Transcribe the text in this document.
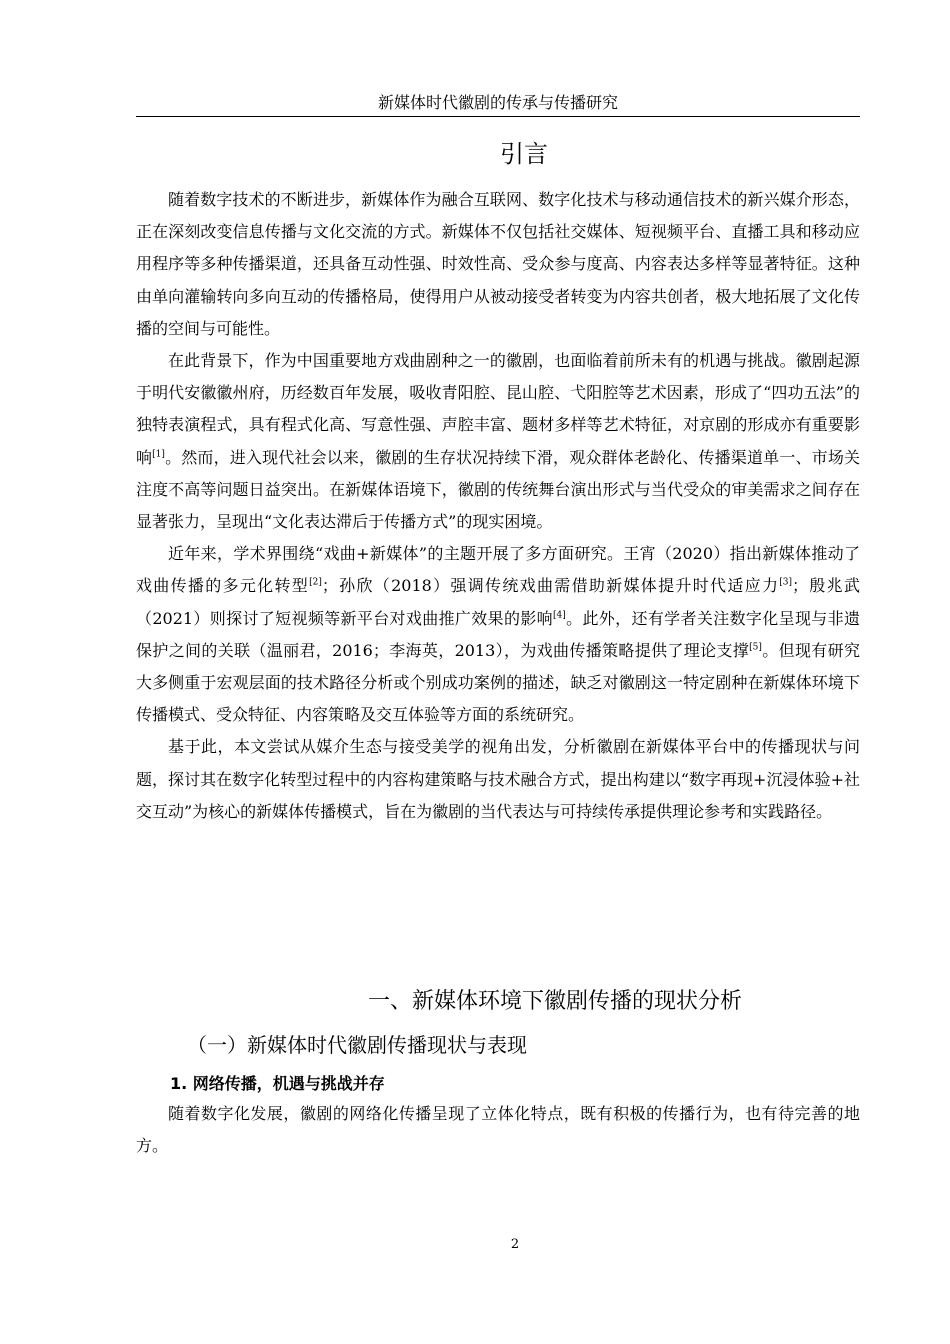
新媒体时代徽剧的传承与传播研究
引言

随着数字技术的不断进步，新媒体作为融合互联网、数字化技术与移动通信技术的新兴媒介形态，正在深刻改变信息传播与文化交流的方式。新媒体不仅包括社交媒体、短视频平台、直播工具和移动应用程序等多种传播渠道，还具备互动性强、时效性高、受众参与度高、内容表达多样等显著特征。这种由单向灌输转向多向互动的传播格局，使得用户从被动接受者转变为内容共创者，极大地拓展了文化传播的空间与可能性。

在此背景下，作为中国重要地方戏曲剧种之一的徽剧，也面临着前所未有的机遇与挑战。徽剧起源于明代安徽徽州府，历经数百年发展，吸收青阳腔、昆山腔、弋阳腔等艺术因素，形成了“四功五法”的独特表演程式，具有程式化高、写意性强、声腔丰富、题材多样等艺术特征，对京剧的形成亦有重要影响[1]。然而，进入现代社会以来，徽剧的生存状况持续下滑，观众群体老龄化、传播渠道单一、市场关注度不高等问题日益突出。在新媒体语境下，徽剧的传统舞台演出形式与当代受众的审美需求之间存在显著张力，呈现出“文化表达滞后于传播方式”的现实困境。

近年来，学术界围绕“戏曲+新媒体”的主题开展了多方面研究。王宵（2020）指出新媒体推动了戏曲传播的多元化转型[2]；孙欣（2018）强调传统戏曲需借助新媒体提升时代适应力[3]；殷兆武（2021）则探讨了短视频等新平台对戏曲推广效果的影响[4]。此外，还有学者关注数字化呈现与非遗保护之间的关联（温丽君，2016；李海英，2013），为戏曲传播策略提供了理论支撑[5]。但现有研究大多侧重于宏观层面的技术路径分析或个别成功案例的描述，缺乏对徽剧这一特定剧种在新媒体环境下传播模式、受众特征、内容策略及交互体验等方面的系统研究。

基于此，本文尝试从媒介生态与接受美学的视角出发，分析徽剧在新媒体平台中的传播现状与问题，探讨其在数字化转型过程中的内容构建策略与技术融合方式，提出构建以“数字再现+沉浸体验+社交互动”为核心的新媒体传播模式，旨在为徽剧的当代表达与可持续传承提供理论参考和实践路径。

一、新媒体环境下徽剧传播的现状分析
（一）新媒体时代徽剧传播现状与表现
1. 网络传播，机遇与挑战并存

随着数字化发展，徽剧的网络化传播呈现了立体化特点，既有积极的传播行为，也有待完善的地方。

2
